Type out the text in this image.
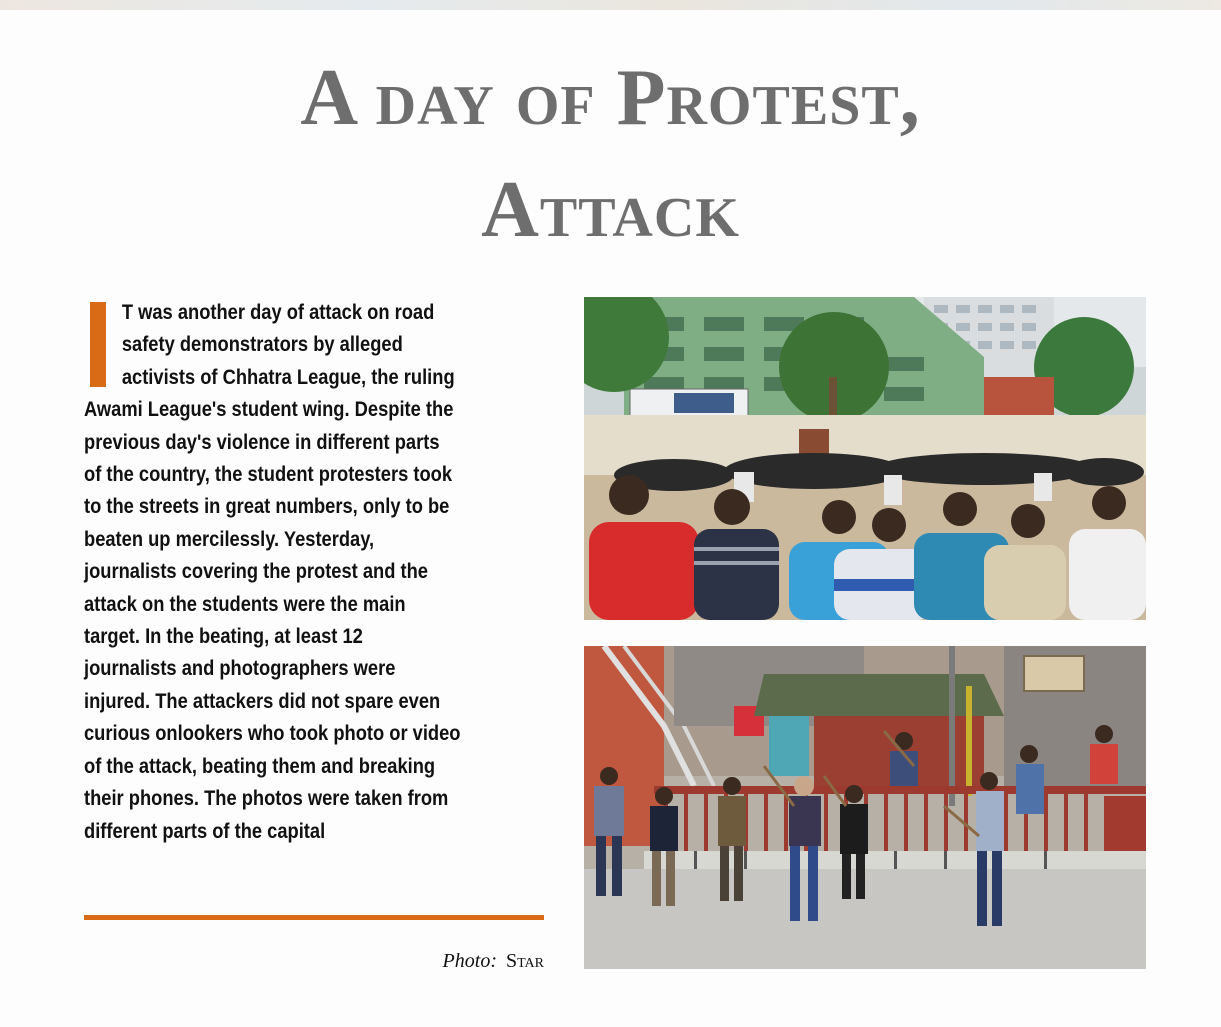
A day of Protest,
Attack
T was another day of attack on road
safety demonstrators by alleged
activists of Chhatra League, the ruling
Awami League's student wing. Despite the
previous day's violence in different parts
of the country, the student protesters took
to the streets in great numbers, only to be
beaten up mercilessly. Yesterday,
journalists covering the protest and the
attack on the students were the main
target. In the beating, at least 12
journalists and photographers were
injured. The attackers did not spare even
curious onlookers who took photo or video
of the attack, beating them and breaking
their phones. The photos were taken from
different parts of the capital
Photo: Star
